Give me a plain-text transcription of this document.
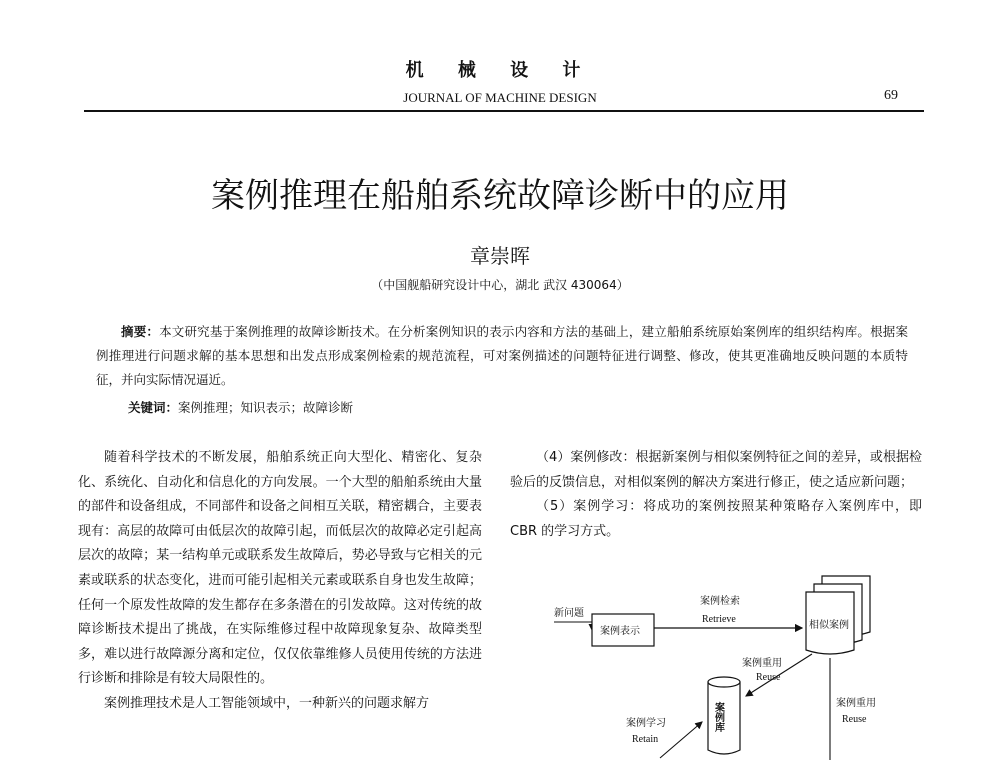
机 械 设 计
JOURNAL OF MACHINE DESIGN	69
案例推理在船舶系统故障诊断中的应用
章崇晖
（中国舰船研究设计中心，湖北 武汉 430064）
摘要：本文研究基于案例推理的故障诊断技术。在分析案例知识的表示内容和方法的基础上，建立船舶系统原始案例库的组织结构库。根据案例推理进行问题求解的基本思想和出发点形成案例检索的规范流程，可对案例描述的问题特征进行调整、修改，使其更准确地反映问题的本质特征，并向实际情况逼近。
关键词：案例推理；知识表示；故障诊断

随着科学技术的不断发展，船舶系统正向大型化、精密化、复杂化、系统化、自动化和信息化的方向发展。一个大型的船舶系统由大量的部件和设备组成，不同部件和设备之间相互关联，精密耦合，主要表现有：高层的故障可由低层次的故障引起，而低层次的故障必定引起高层次的故障；某一结构单元或联系发生故障后，势必导致与它相关的元素或联系的状态变化，进而可能引起相关元素或联系自身也发生故障；任何一个原发性故障的发生都存在多条潜在的引发故障。这对传统的故障诊断技术提出了挑战，在实际维修过程中故障现象复杂、故障类型多，难以进行故障源分离和定位，仅仅依靠维修人员使用传统的方法进行诊断和排除是有较大局限性的。

案例推理技术是人工智能领域中，一种新兴的问题求解方

（4）案例修改：根据新案例与相似案例特征之间的差异，或根据检验后的反馈信息，对相似案例的解决方案进行修正，使之适应新问题；

（5）案例学习：将成功的案例按照某种策略存入案例库中，即 CBR 的学习方式。

新问题
案例表示
案例检索
Retrieve
相似案例
案例重用
Reuse
案例重用
Reuse
案例库
案例学习
Retain
